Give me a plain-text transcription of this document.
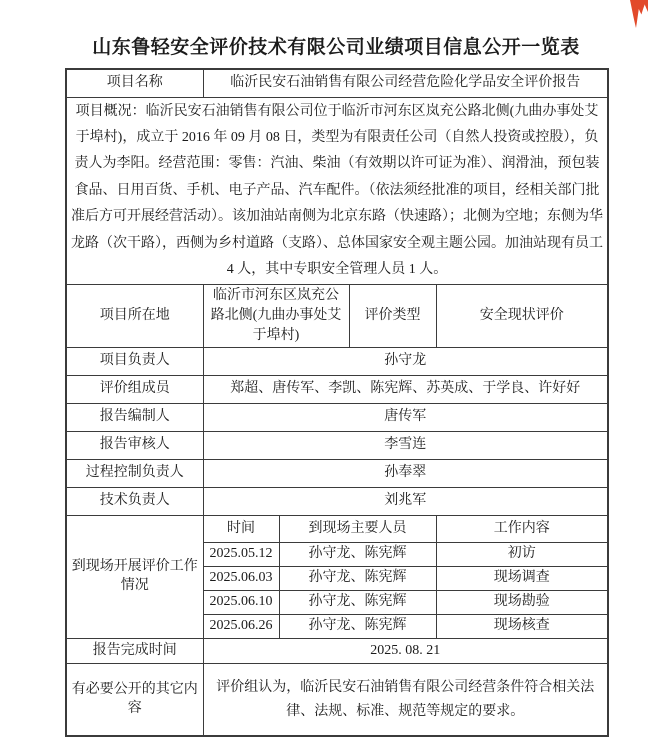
山东鲁轻安全评价技术有限公司业绩项目信息公开一览表
项目名称	临沂民安石油销售有限公司经营危险化学品安全评价报告			
项目概况：临沂民安石油销售有限公司位于临沂市河东区岚充公路北侧(九曲办事处艾于埠村)，成立于 2016 年 09 月 08 日，类型为有限责任公司（自然人投资或控股），负责人为李阳。经营范围：零售：汽油、柴油（有效期以许可证为准）、润滑油，预包装食品、日用百货、手机、电子产品、汽车配件。（依法须经批准的项目，经相关部门批准后方可开展经营活动）。该加油站南侧为北京东路（快速路）；北侧为空地；东侧为华龙路（次干路），西侧为乡村道路（支路）、总体国家安全观主题公园。加油站现有员工 4 人，其中专职安全管理人员 1 人。				
项目所在地	临沂市河东区岚充公路北侧(九曲办事处艾于埠村)		评价类型	安全现状评价
项目负责人	孙守龙			
评价组成员	郑超、唐传军、李凯、陈宪辉、苏英成、于学良、许好好			
报告编制人	唐传军			
报告审核人	李雪连			
过程控制负责人	孙奉翠			
技术负责人	刘兆军			
到现场开展评价工作情况	时间	到现场主要人员		工作内容
	2025.05.12	孙守龙、陈宪辉		初访
	2025.06.03	孙守龙、陈宪辉		现场调查
	2025.06.10	孙守龙、陈宪辉		现场勘验
	2025.06.26	孙守龙、陈宪辉		现场核查
报告完成时间	2025. 08. 21			
有必要公开的其它内容	评价组认为，临沂民安石油销售有限公司经营条件符合相关法律、法规、标准、规范等规定的要求。			
